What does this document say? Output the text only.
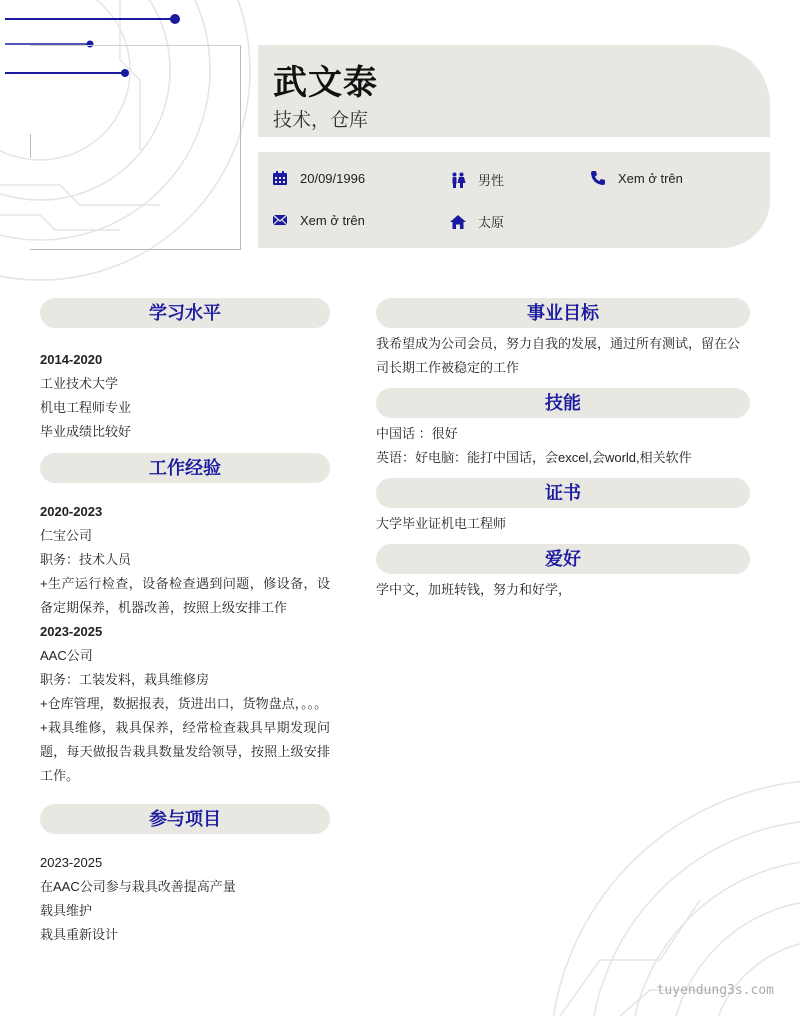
武文泰
技术，仓库
20/09/1996	男性	Xem ở trên
Xem ở trên	太原
学习水平
2014-2020
工业技术大学
机电工程师专业
毕业成绩比较好
工作经验
2020-2023
仁宝公司
职务：技术人员
+生产运行检查，设备检查遇到问题，修设备，设备定期保养，机器改善，按照上级安排工作
2023-2025
AAC公司
职务：工装发料，栽具维修房
+仓库管理，数据报表，货进出口，货物盘点，。。。
+栽具维修，栽具保养，经常检查栽具早期发现问题，每天做报告栽具数量发给领导，按照上级安排工作。
参与项目
2023-2025
在AAC公司参与栽具改善提高产量
载具维护
栽具重新设计
事业目标
我希望成为公司会员，努力自我的发展，通过所有测试，留在公司长期工作被稳定的工作
技能
中国话 ：很好
英语：好电脑：能打中国话，会excel,会world,相关软件
证书
大学毕业证机电工程师
爱好
学中文，加班转钱，努力和好学，
tuyendung3s.com
